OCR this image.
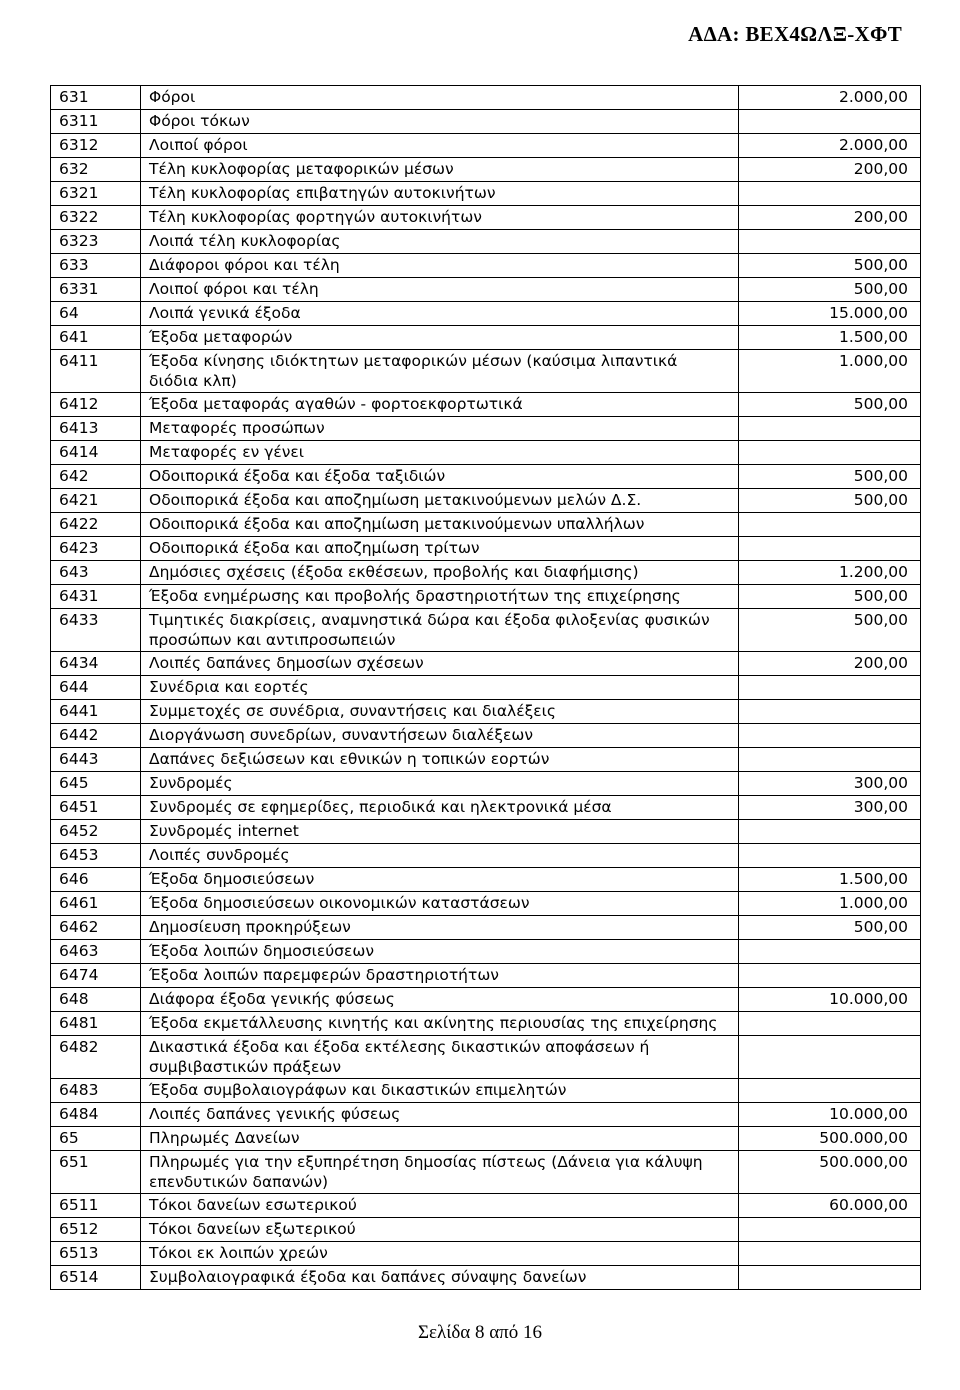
ΑΔΑ: ΒΕΧ4ΩΛΞ-ΧΦΤ
631	Φόροι	2.000,00
6311	Φόροι τόκων	
6312	Λοιποί φόροι	2.000,00
632	Τέλη κυκλοφορίας μεταφορικών μέσων	200,00
6321	Τέλη κυκλοφορίας επιβατηγών αυτοκινήτων	
6322	Τέλη κυκλοφορίας φορτηγών αυτοκινήτων	200,00
6323	Λοιπά τέλη κυκλοφορίας	
633	Διάφοροι φόροι και τέλη	500,00
6331	Λοιποί φόροι και τέλη	500,00
64	Λοιπά γενικά έξοδα	15.000,00
641	Έξοδα μεταφορών	1.500,00
6411	Έξοδα κίνησης ιδιόκτητων μεταφορικών μέσων (καύσιμα λιπαντικά διόδια κλπ)	1.000,00
6412	Έξοδα μεταφοράς αγαθών - φορτοεκφορτωτικά	500,00
6413	Μεταφορές προσώπων	
6414	Μεταφορές εν γένει	
642	Οδοιπορικά έξοδα και έξοδα ταξιδιών	500,00
6421	Οδοιπορικά έξοδα και αποζημίωση μετακινούμενων μελών Δ.Σ.	500,00
6422	Οδοιπορικά έξοδα και αποζημίωση μετακινούμενων υπαλλήλων	
6423	Οδοιπορικά έξοδα και αποζημίωση τρίτων	
643	Δημόσιες σχέσεις (έξοδα εκθέσεων, προβολής και διαφήμισης)	1.200,00
6431	Έξοδα ενημέρωσης και προβολής δραστηριοτήτων της επιχείρησης	500,00
6433	Τιμητικές διακρίσεις, αναμνηστικά δώρα και έξοδα φιλοξενίας φυσικών προσώπων και αντιπροσωπειών	500,00
6434	Λοιπές δαπάνες δημοσίων σχέσεων	200,00
644	Συνέδρια και εορτές	
6441	Συμμετοχές σε συνέδρια, συναντήσεις και διαλέξεις	
6442	Διοργάνωση συνεδρίων, συναντήσεων διαλέξεων	
6443	Δαπάνες δεξιώσεων και εθνικών η τοπικών εορτών	
645	Συνδρομές	300,00
6451	Συνδρομές σε εφημερίδες, περιοδικά και ηλεκτρονικά μέσα	300,00
6452	Συνδρομές internet	
6453	Λοιπές συνδρομές	
646	Έξοδα δημοσιεύσεων	1.500,00
6461	Έξοδα δημοσιεύσεων οικονομικών καταστάσεων	1.000,00
6462	Δημοσίευση προκηρύξεων	500,00
6463	Έξοδα λοιπών δημοσιεύσεων	
6474	Έξοδα λοιπών παρεμφερών δραστηριοτήτων	
648	Διάφορα έξοδα γενικής φύσεως	10.000,00
6481	Έξοδα εκμετάλλευσης κινητής και ακίνητης περιουσίας της επιχείρησης	
6482	Δικαστικά έξοδα και έξοδα εκτέλεσης δικαστικών αποφάσεων ή συμβιβαστικών πράξεων	
6483	Έξοδα συμβολαιογράφων και δικαστικών επιμελητών	
6484	Λοιπές δαπάνες γενικής φύσεως	10.000,00
65	Πληρωμές Δανείων	500.000,00
651	Πληρωμές για την εξυπηρέτηση δημοσίας πίστεως (Δάνεια για κάλυψη επενδυτικών δαπανών)	500.000,00
6511	Τόκοι δανείων εσωτερικού	60.000,00
6512	Τόκοι δανείων εξωτερικού	
6513	Τόκοι εκ λοιπών χρεών	
6514	Συμβολαιογραφικά έξοδα και δαπάνες σύναψης δανείων	
Σελίδα 8 από 16
